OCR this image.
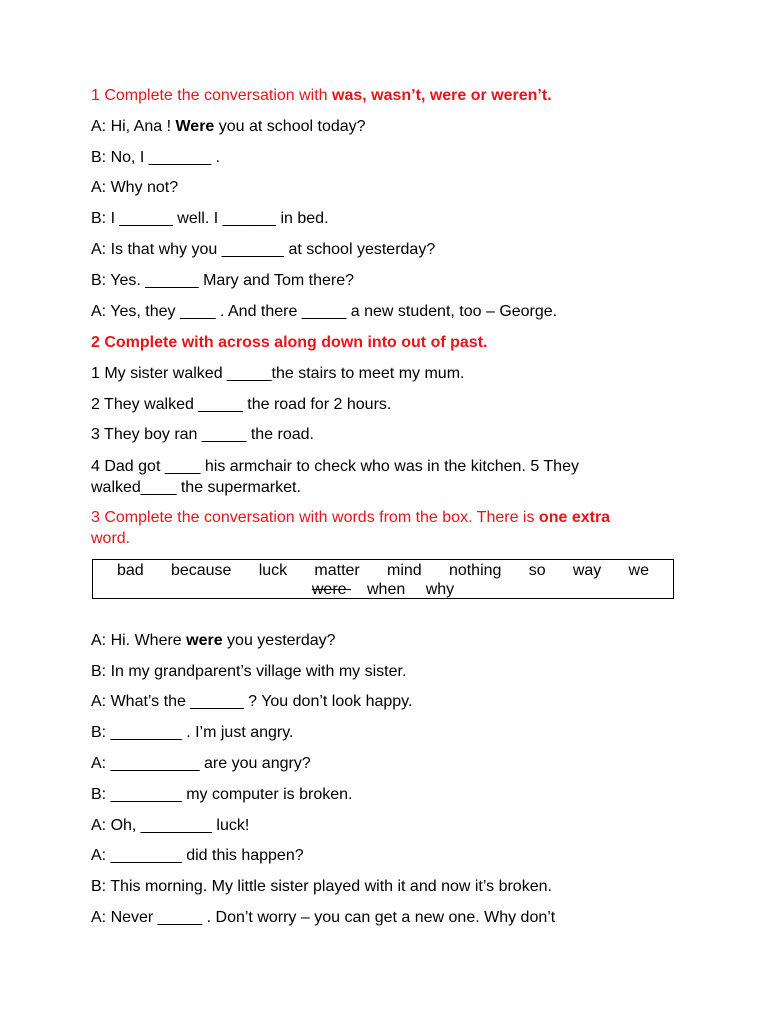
1 Complete the conversation with was, wasn’t, were or weren’t.
A: Hi, Ana ! Were you at school today?
B: No, I _______ .
A: Why not?
B: I ______ well. I ______ in bed.
A: Is that why you _______ at school yesterday?
B: Yes. ______ Mary and Tom there?
A: Yes, they ____ . And there _____ a new student, too – George.
2 Complete with across along down into out of past.
1 My sister walked _____the stairs to meet my mum.
2 They walked _____ the road for 2 hours.
3 They boy ran _____ the road.
4 Dad got ____ his armchair to check who was in the kitchen. 5 They walked____ the supermarket.
3 Complete the conversation with words from the box. There is one extra word.
bad because luck matter mind nothing so way we
were when why
A: Hi. Where were you yesterday?
B: In my grandparent’s village with my sister.
A: What’s the ______ ? You don’t look happy.
B: ________ . I’m just angry.
A: __________ are you angry?
B: ________ my computer is broken.
A: Oh, ________ luck!
A: ________ did this happen?
B: This morning. My little sister played with it and now it’s broken.
A: Never _____ . Don’t worry – you can get a new one. Why don’t
